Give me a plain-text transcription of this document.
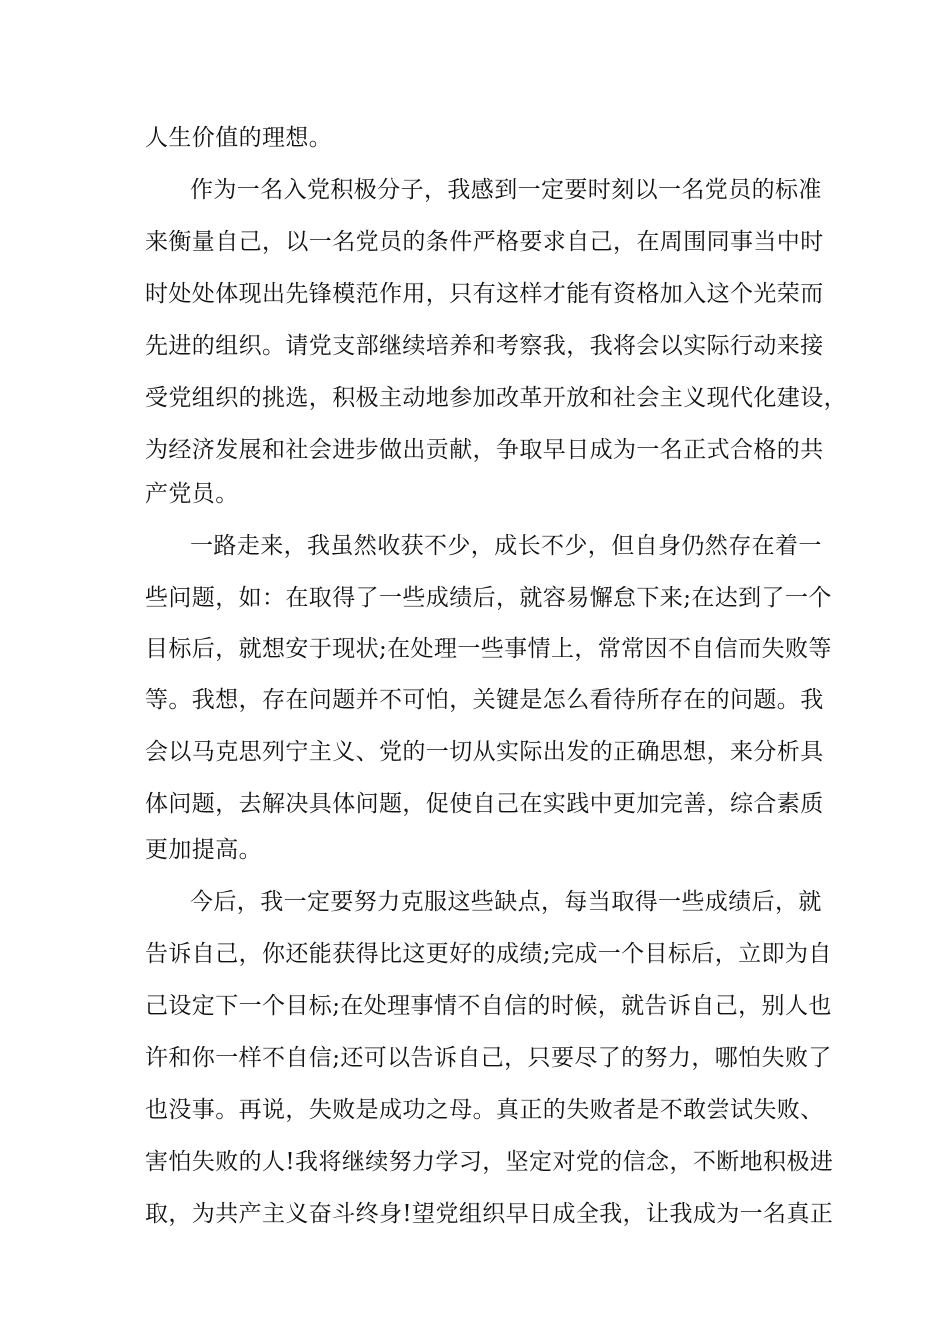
人生价值的理想。
作为一名入党积极分子，我感到一定要时刻以一名党员的标准
来衡量自己，以一名党员的条件严格要求自己，在周围同事当中时
时处处体现出先锋模范作用，只有这样才能有资格加入这个光荣而
先进的组织。请党支部继续培养和考察我，我将会以实际行动来接
受党组织的挑选，积极主动地参加改革开放和社会主义现代化建设，
为经济发展和社会进步做出贡献，争取早日成为一名正式合格的共
产党员。
一路走来，我虽然收获不少，成长不少，但自身仍然存在着一
些问题，如：在取得了一些成绩后，就容易懈怠下来;在达到了一个
目标后，就想安于现状;在处理一些事情上，常常因不自信而失败等
等。我想，存在问题并不可怕，关键是怎么看待所存在的问题。我
会以马克思列宁主义、党的一切从实际出发的正确思想，来分析具
体问题，去解决具体问题，促使自己在实践中更加完善，综合素质
更加提高。
今后，我一定要努力克服这些缺点，每当取得一些成绩后，就
告诉自己，你还能获得比这更好的成绩;完成一个目标后，立即为自
己设定下一个目标;在处理事情不自信的时候，就告诉自己，别人也
许和你一样不自信;还可以告诉自己，只要尽了的努力，哪怕失败了
也没事。再说，失败是成功之母。真正的失败者是不敢尝试失败、
害怕失败的人!我将继续努力学习，坚定对党的信念，不断地积极进
取，为共产主义奋斗终身!望党组织早日成全我，让我成为一名真正
